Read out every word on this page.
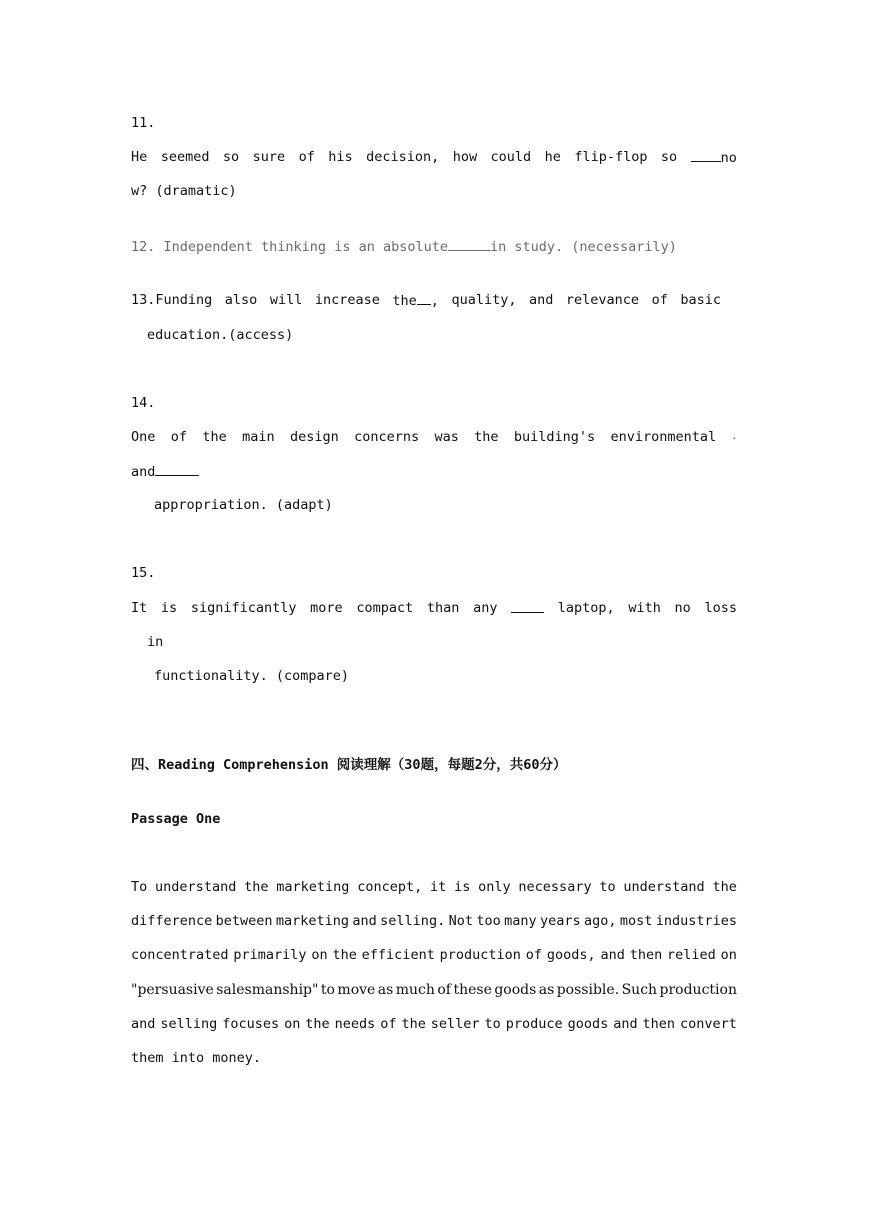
11.
He seemed so sure of his decision, how could he flip-flop so	no
w? (dramatic)
12. Independent thinking is an absolute	in study. (necessarily)
13.Funding also will increase the , quality, and relevance of basic
education.(access)
14.
One of the main design concerns was the building's environmental .
and
appropriation. (adapt)
15.
It is significantly more compact than any	laptop, with no loss
in
functionality. (compare)
四、Reading Comprehension 阅读理解（30题，每题2分，共60分）
Passage One
To understand the marketing concept, it is only necessary to understand the
difference between marketing and selling. Not too many years ago, most industries
concentrated primarily on the efficient production of goods, and then relied on
"persuasive salesmanship" to move as much of these goods as possible. Such production
and selling focuses on the needs of the seller to produce goods and then convert
them into money.
